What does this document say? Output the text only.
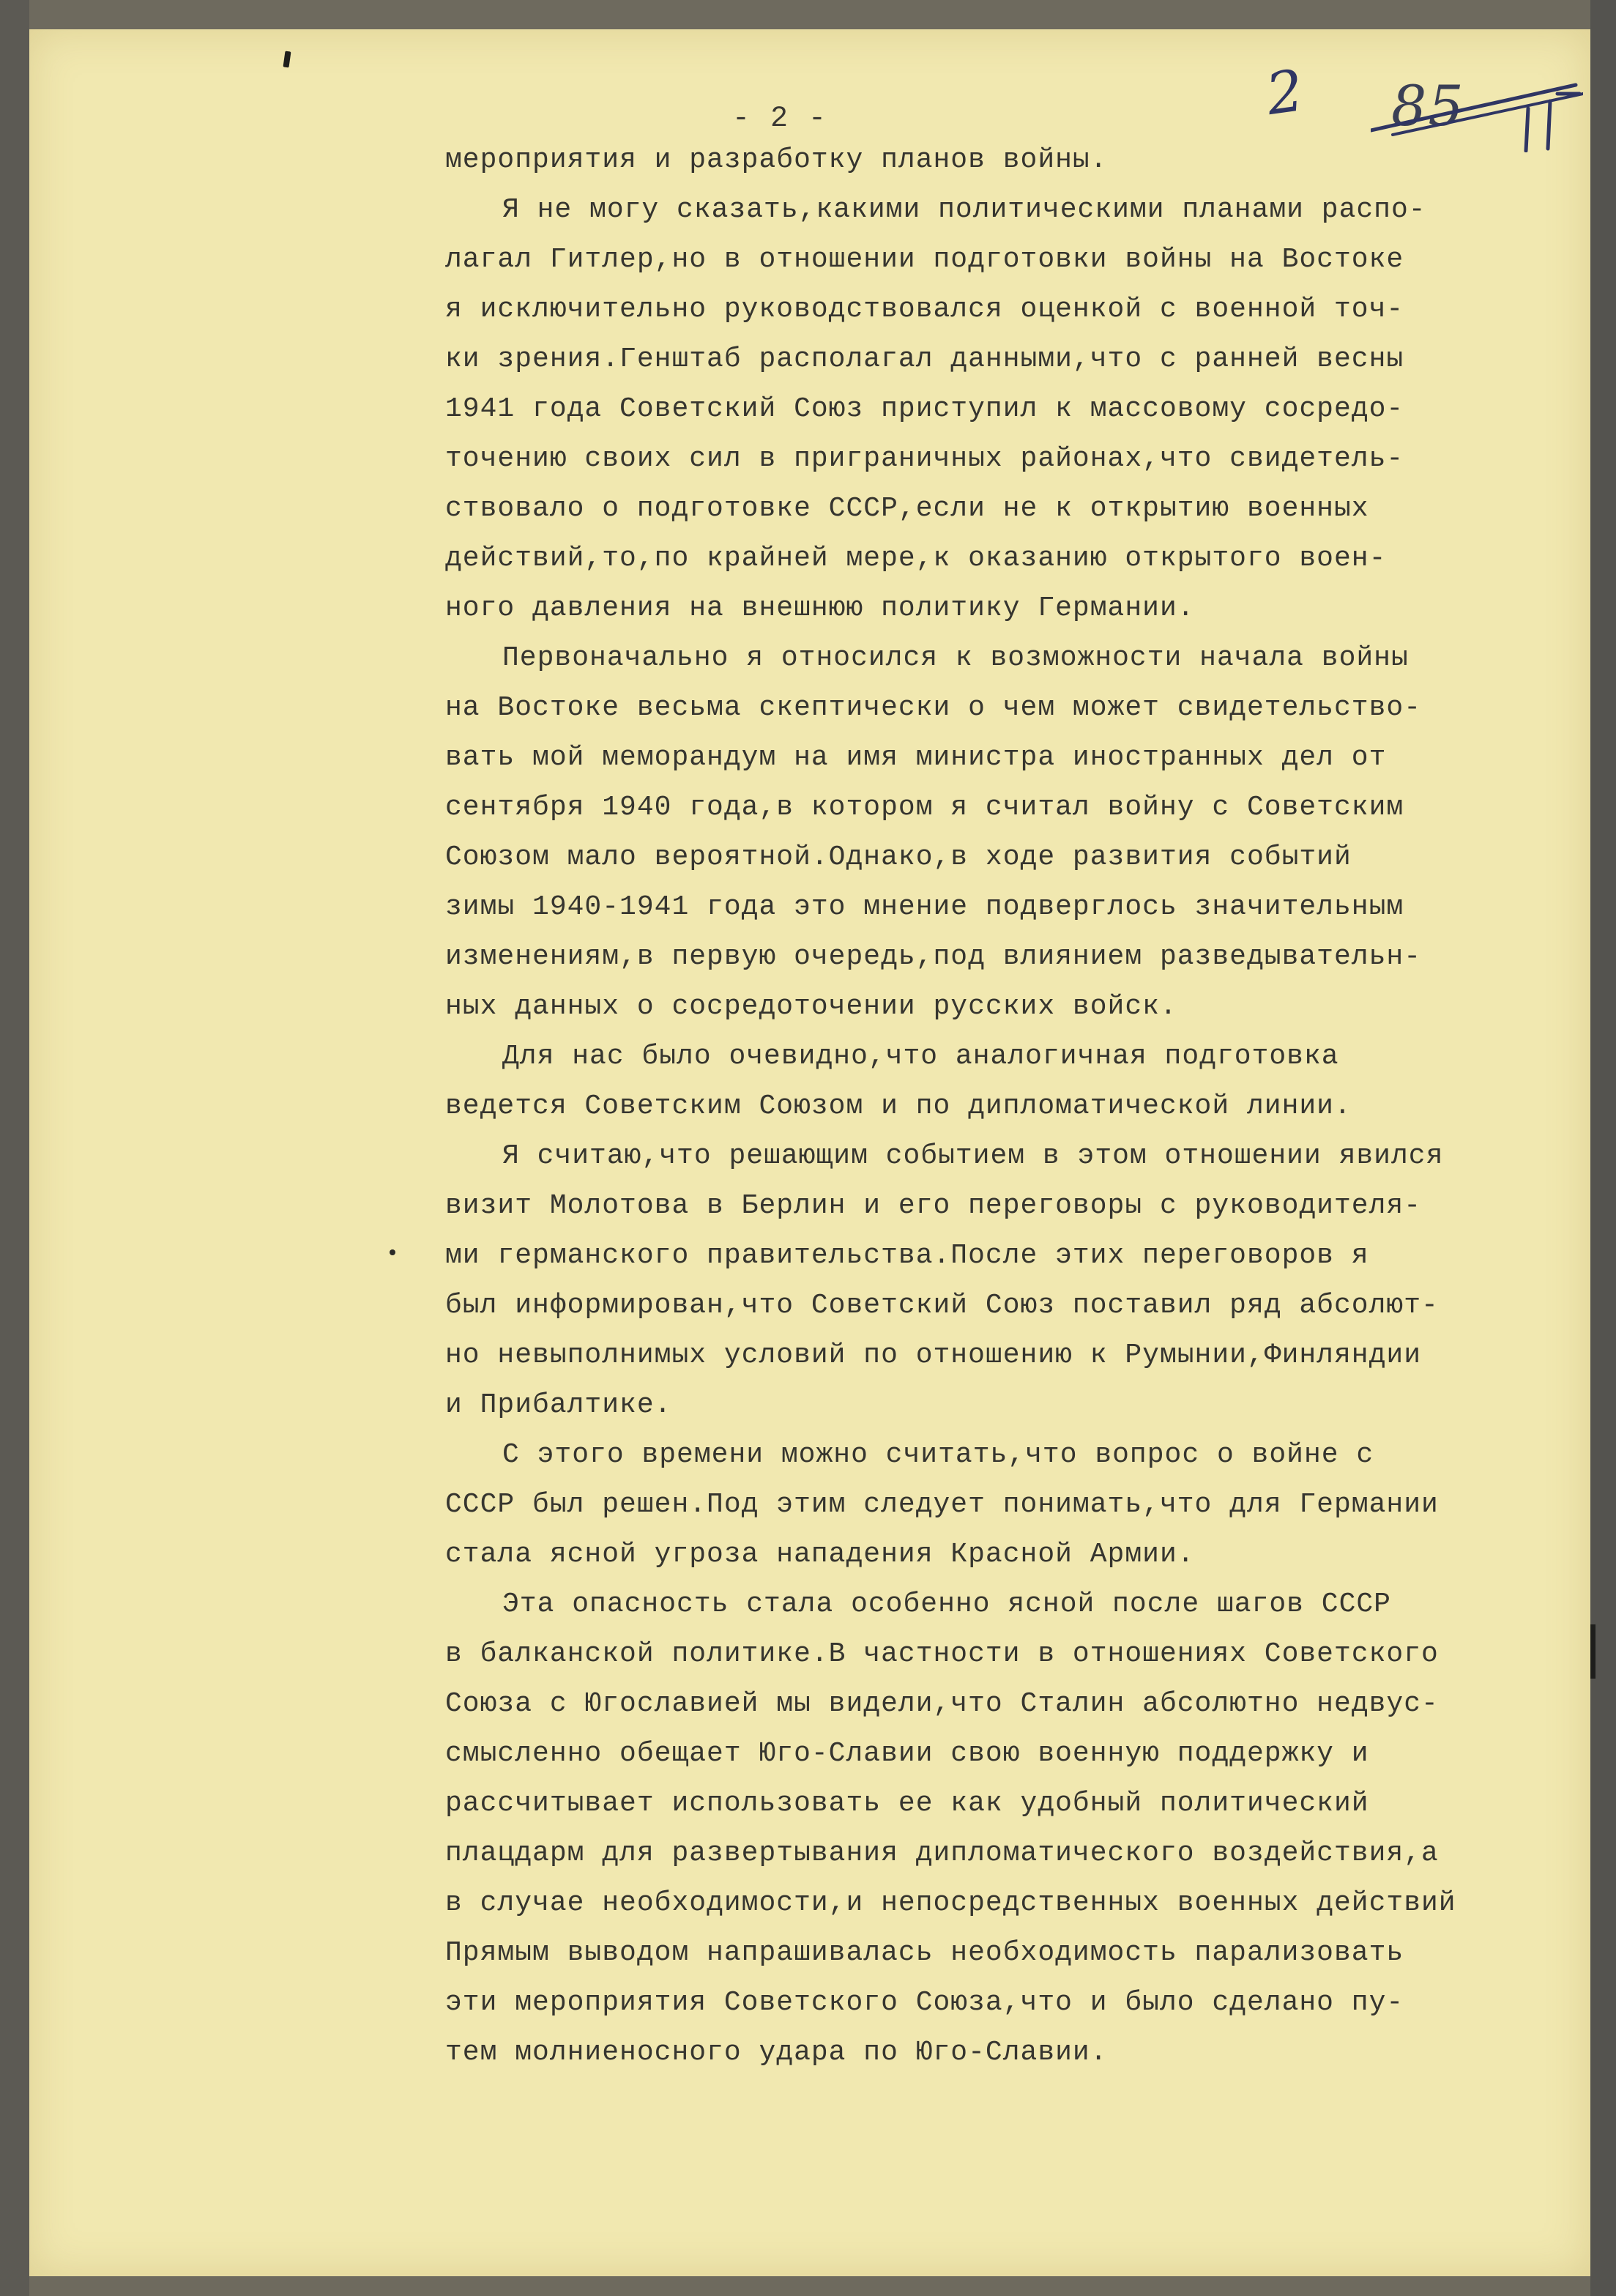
- 2 -	2 85
мероприятия и разработку планов войны.
Я не могу сказать,какими политическими планами распо-
лагал Гитлер,но в отношении подготовки войны на Востоке
я исключительно руководствовался оценкой с военной точ-
ки зрения.Генштаб располагал данными,что с ранней весны
1941 года Советский Союз приступил к массовому сосредо-
точению своих сил в приграничных районах,что свидетель-
ствовало о подготовке СССР,если не к открытию военных
действий,то,по крайней мере,к оказанию открытого воен-
ного давления на внешнюю политику Германии.
Первоначально я относился к возможности начала войны
на Востоке весьма скептически о чем может свидетельство-
вать мой меморандум на имя министра иностранных дел от
сентября 1940 года,в котором я считал войну с Советским
Союзом мало вероятной.Однако,в ходе развития событий
зимы 1940-1941 года это мнение подверглось значительным
изменениям,в первую очередь,под влиянием разведывательн-
ных данных о сосредоточении русских войск.
Для нас было очевидно,что аналогичная подготовка
ведется Советским Союзом и по дипломатической линии.
Я считаю,что решающим событием в этом отношении явился
визит Молотова в Берлин и его переговоры с руководителя-
ми германского правительства.После этих переговоров я
был информирован,что Советский Союз поставил ряд абсолют-
но невыполнимых условий по отношению к Румынии,Финляндии
и Прибалтике.
С этого времени можно считать,что вопрос о войне с
СССР был решен.Под этим следует понимать,что для Германии
стала ясной угроза нападения Красной Армии.
Эта опасность стала особенно ясной после шагов СССР
в балканской политике.В частности в отношениях Советского
Союза с Югославией мы видели,что Сталин абсолютно недвус-
смысленно обещает Юго-Славии свою военную поддержку и
рассчитывает использовать ее как удобный политический
плацдарм для развертывания дипломатического воздействия,а
в случае необходимости,и непосредственных военных действий
Прямым выводом напрашивалась необходимость парализовать
эти мероприятия Советского Союза,что и было сделано пу-
тем молниеносного удара по Юго-Славии.
